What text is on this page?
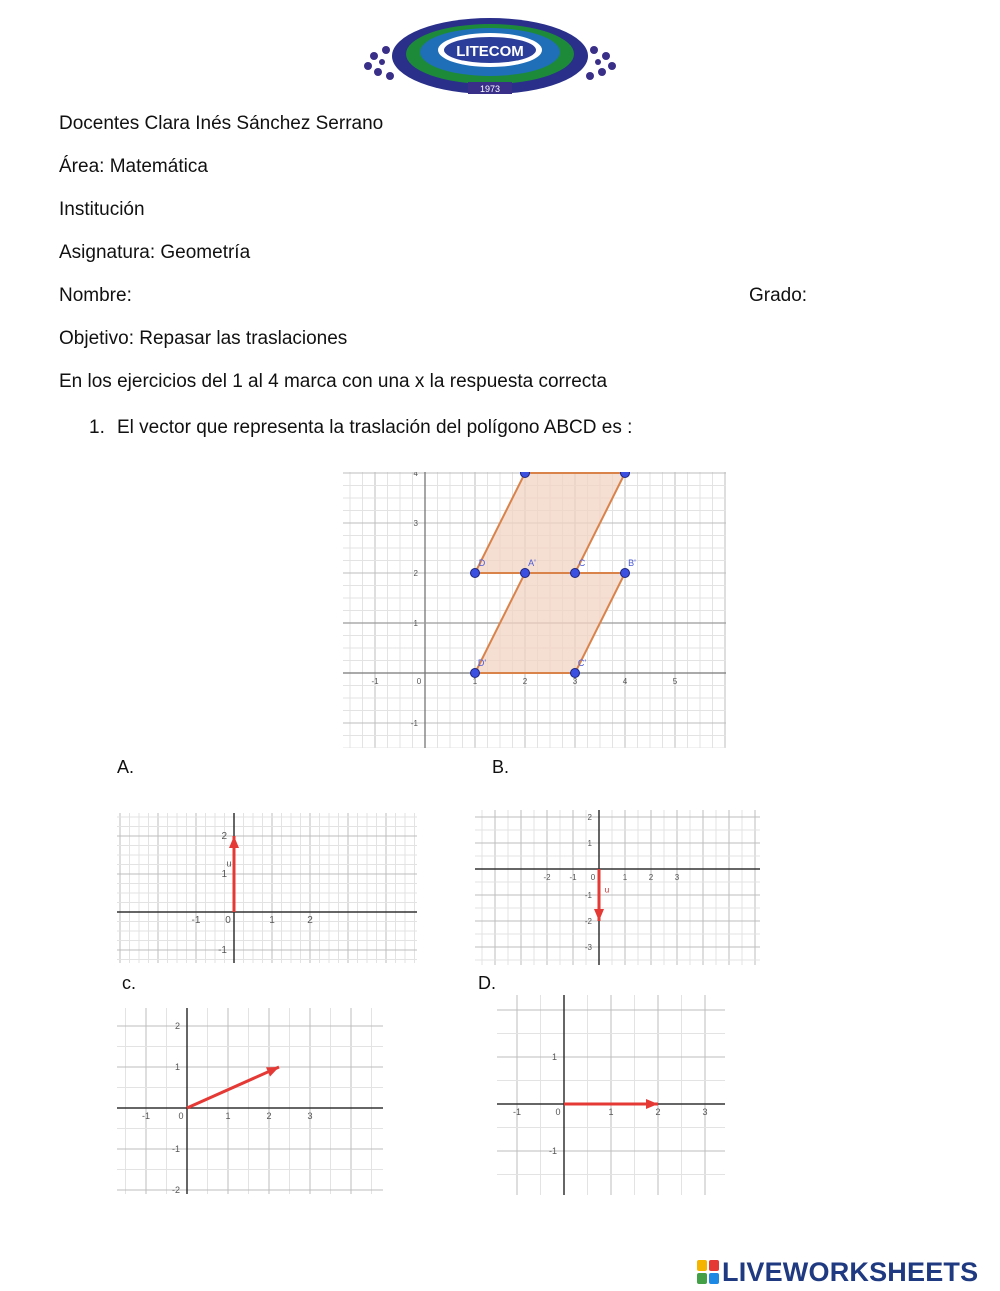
LITECOM
1973
Docentes Clara Inés Sánchez Serrano
Área: Matemática
Institución
Asignatura: Geometría
Nombre:	Grado:
Objetivo: Repasar las traslaciones
En los ejercicios del 1 al 4 marca con una x la respuesta correcta
1. El vector que representa la traslación del polígono ABCD es :
-1	0	1	2	3	4	5
4
3
2
1
-1
C
D	A'	B'
C'
D'
A.	B.
c.	D.
-1 0	1	2
2
1
-1
u
-2 -1 0	1	2	3
2
1
-1
-2
-3
u
-1	0	1	2	3
2
1
-1
-2
-1	0	1	2	3
1
-1
LIVEWORKSHEETS
